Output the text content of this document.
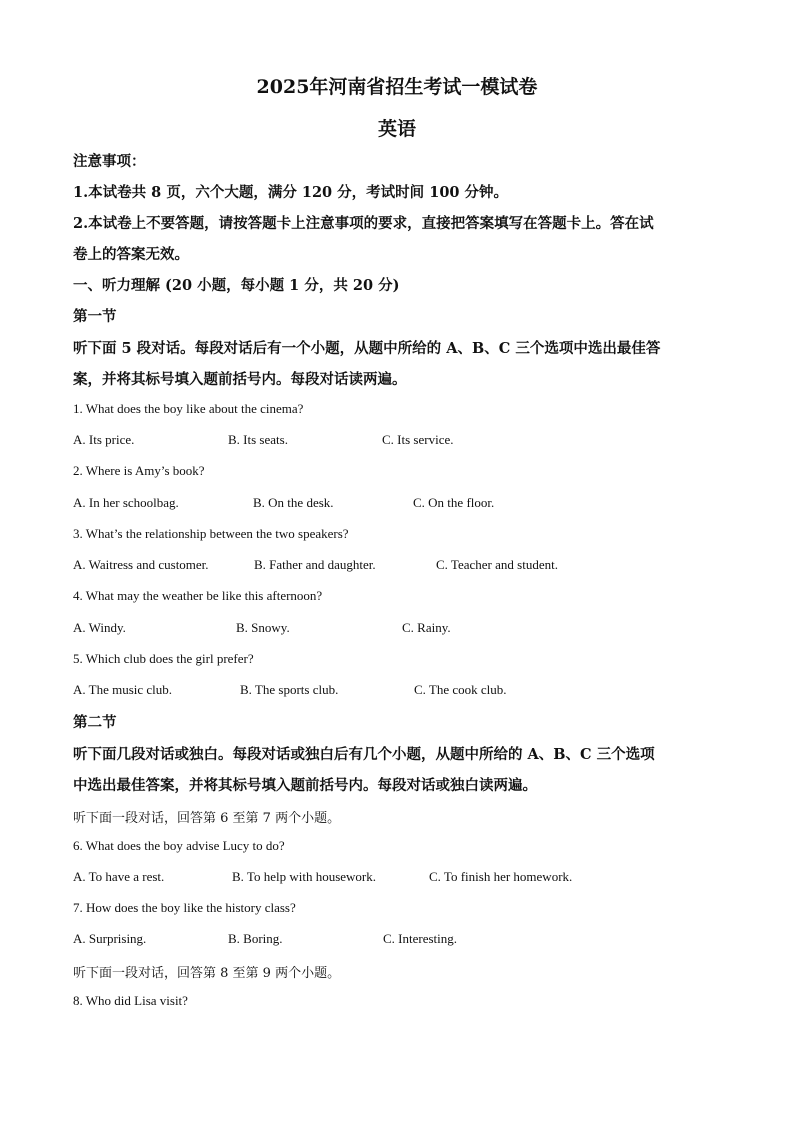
2025年河南省招生考试一模试卷
英语
注意事项：
1.本试卷共 8 页，六个大题，满分 120 分，考试时间 100 分钟。
2.本试卷上不要答题，请按答题卡上注意事项的要求，直接把答案填写在答题卡上。答在试
卷上的答案无效。
一、听力理解 (20 小题，每小题 1 分，共 20 分)
第一节
听下面 5 段对话。每段对话后有一个小题，从题中所给的 A、B、C 三个选项中选出最佳答
案，并将其标号填入题前括号内。每段对话读两遍。
1. What does the boy like about the cinema?
A. Its price.	B. Its seats.	C. Its service.
2. Where is Amy’s book?
A. In her schoolbag.	B. On the desk.	C. On the floor.
3. What’s the relationship between the two speakers?
A. Waitress and customer.	B. Father and daughter.	C. Teacher and student.
4. What may the weather be like this afternoon?
A. Windy.	B. Snowy.	C. Rainy.
5. Which club does the girl prefer?
A. The music club.	B. The sports club.	C. The cook club.
第二节
听下面几段对话或独白。每段对话或独白后有几个小题，从题中所给的 A、B、C 三个选项
中选出最佳答案，并将其标号填入题前括号内。每段对话或独白读两遍。
听下面一段对话，回答第 6 至第 7 两个小题。
6. What does the boy advise Lucy to do?
A. To have a rest.	B. To help with housework.	C. To finish her homework.
7. How does the boy like the history class?
A. Surprising.	B. Boring.	C. Interesting.
听下面一段对话，回答第 8 至第 9 两个小题。
8. Who did Lisa visit?
